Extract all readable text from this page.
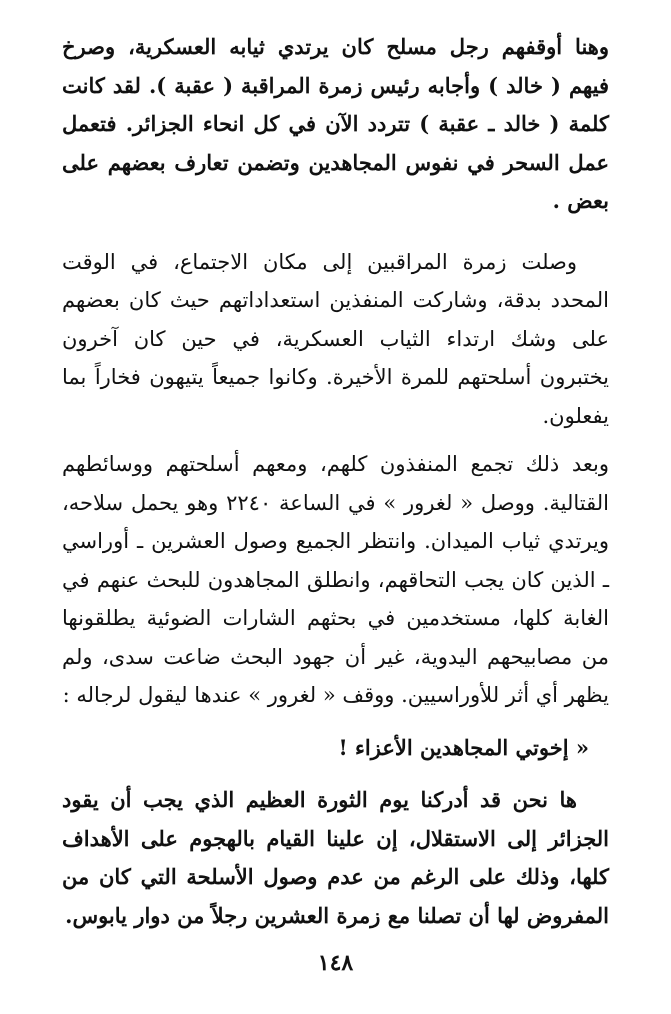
وهنا أوقفهم رجل مسلح كان يرتدي ثيابه العسكرية، وصرخ فيهم ( خالد ) وأجابه رئيس زمرة المراقبة ( عقبة ). لقد كانت كلمة ( خالد ـ عقبة ) تتردد الآن في كل انحاء الجزائر. فتعمل عمل السحر في نفوس المجاهدين وتضمن تعارف بعضهم على بعض .

وصلت زمرة المراقبين إلى مكان الاجتماع، في الوقت المحدد بدقة، وشاركت المنفذين استعداداتهم حيث كان بعضهم على وشك ارتداء الثياب العسكرية، في حين كان آخرون يختبرون أسلحتهم للمرة الأخيرة. وكانوا جميعاً يتيهون فخاراً بما يفعلون.

وبعد ذلك تجمع المنفذون كلهم، ومعهم أسلحتهم ووسائطهم القتالية. ووصل « لغرور » في الساعة ٢٢٤٠ وهو يحمل سلاحه، ويرتدي ثياب الميدان. وانتظر الجميع وصول العشرين ـ أوراسي ـ الذين كان يجب التحاقهم، وانطلق المجاهدون للبحث عنهم في الغابة كلها، مستخدمين في بحثهم الشارات الضوئية يطلقونها من مصابيحهم اليدوية، غير أن جهود البحث ضاعت سدى، ولم يظهر أي أثر للأوراسيين. ووقف « لغرور » عندها ليقول لرجاله :

« إخوتي المجاهدين الأعزاء !

ها نحن قد أدركنا يوم الثورة العظيم الذي يجب أن يقود الجزائر إلى الاستقلال، إن علينا القيام بالهجوم على الأهداف كلها، وذلك على الرغم من عدم وصول الأسلحة التي كان من المفروض لها أن تصلنا مع زمرة العشرين رجلاً من دوار يابوس.

١٤٨
